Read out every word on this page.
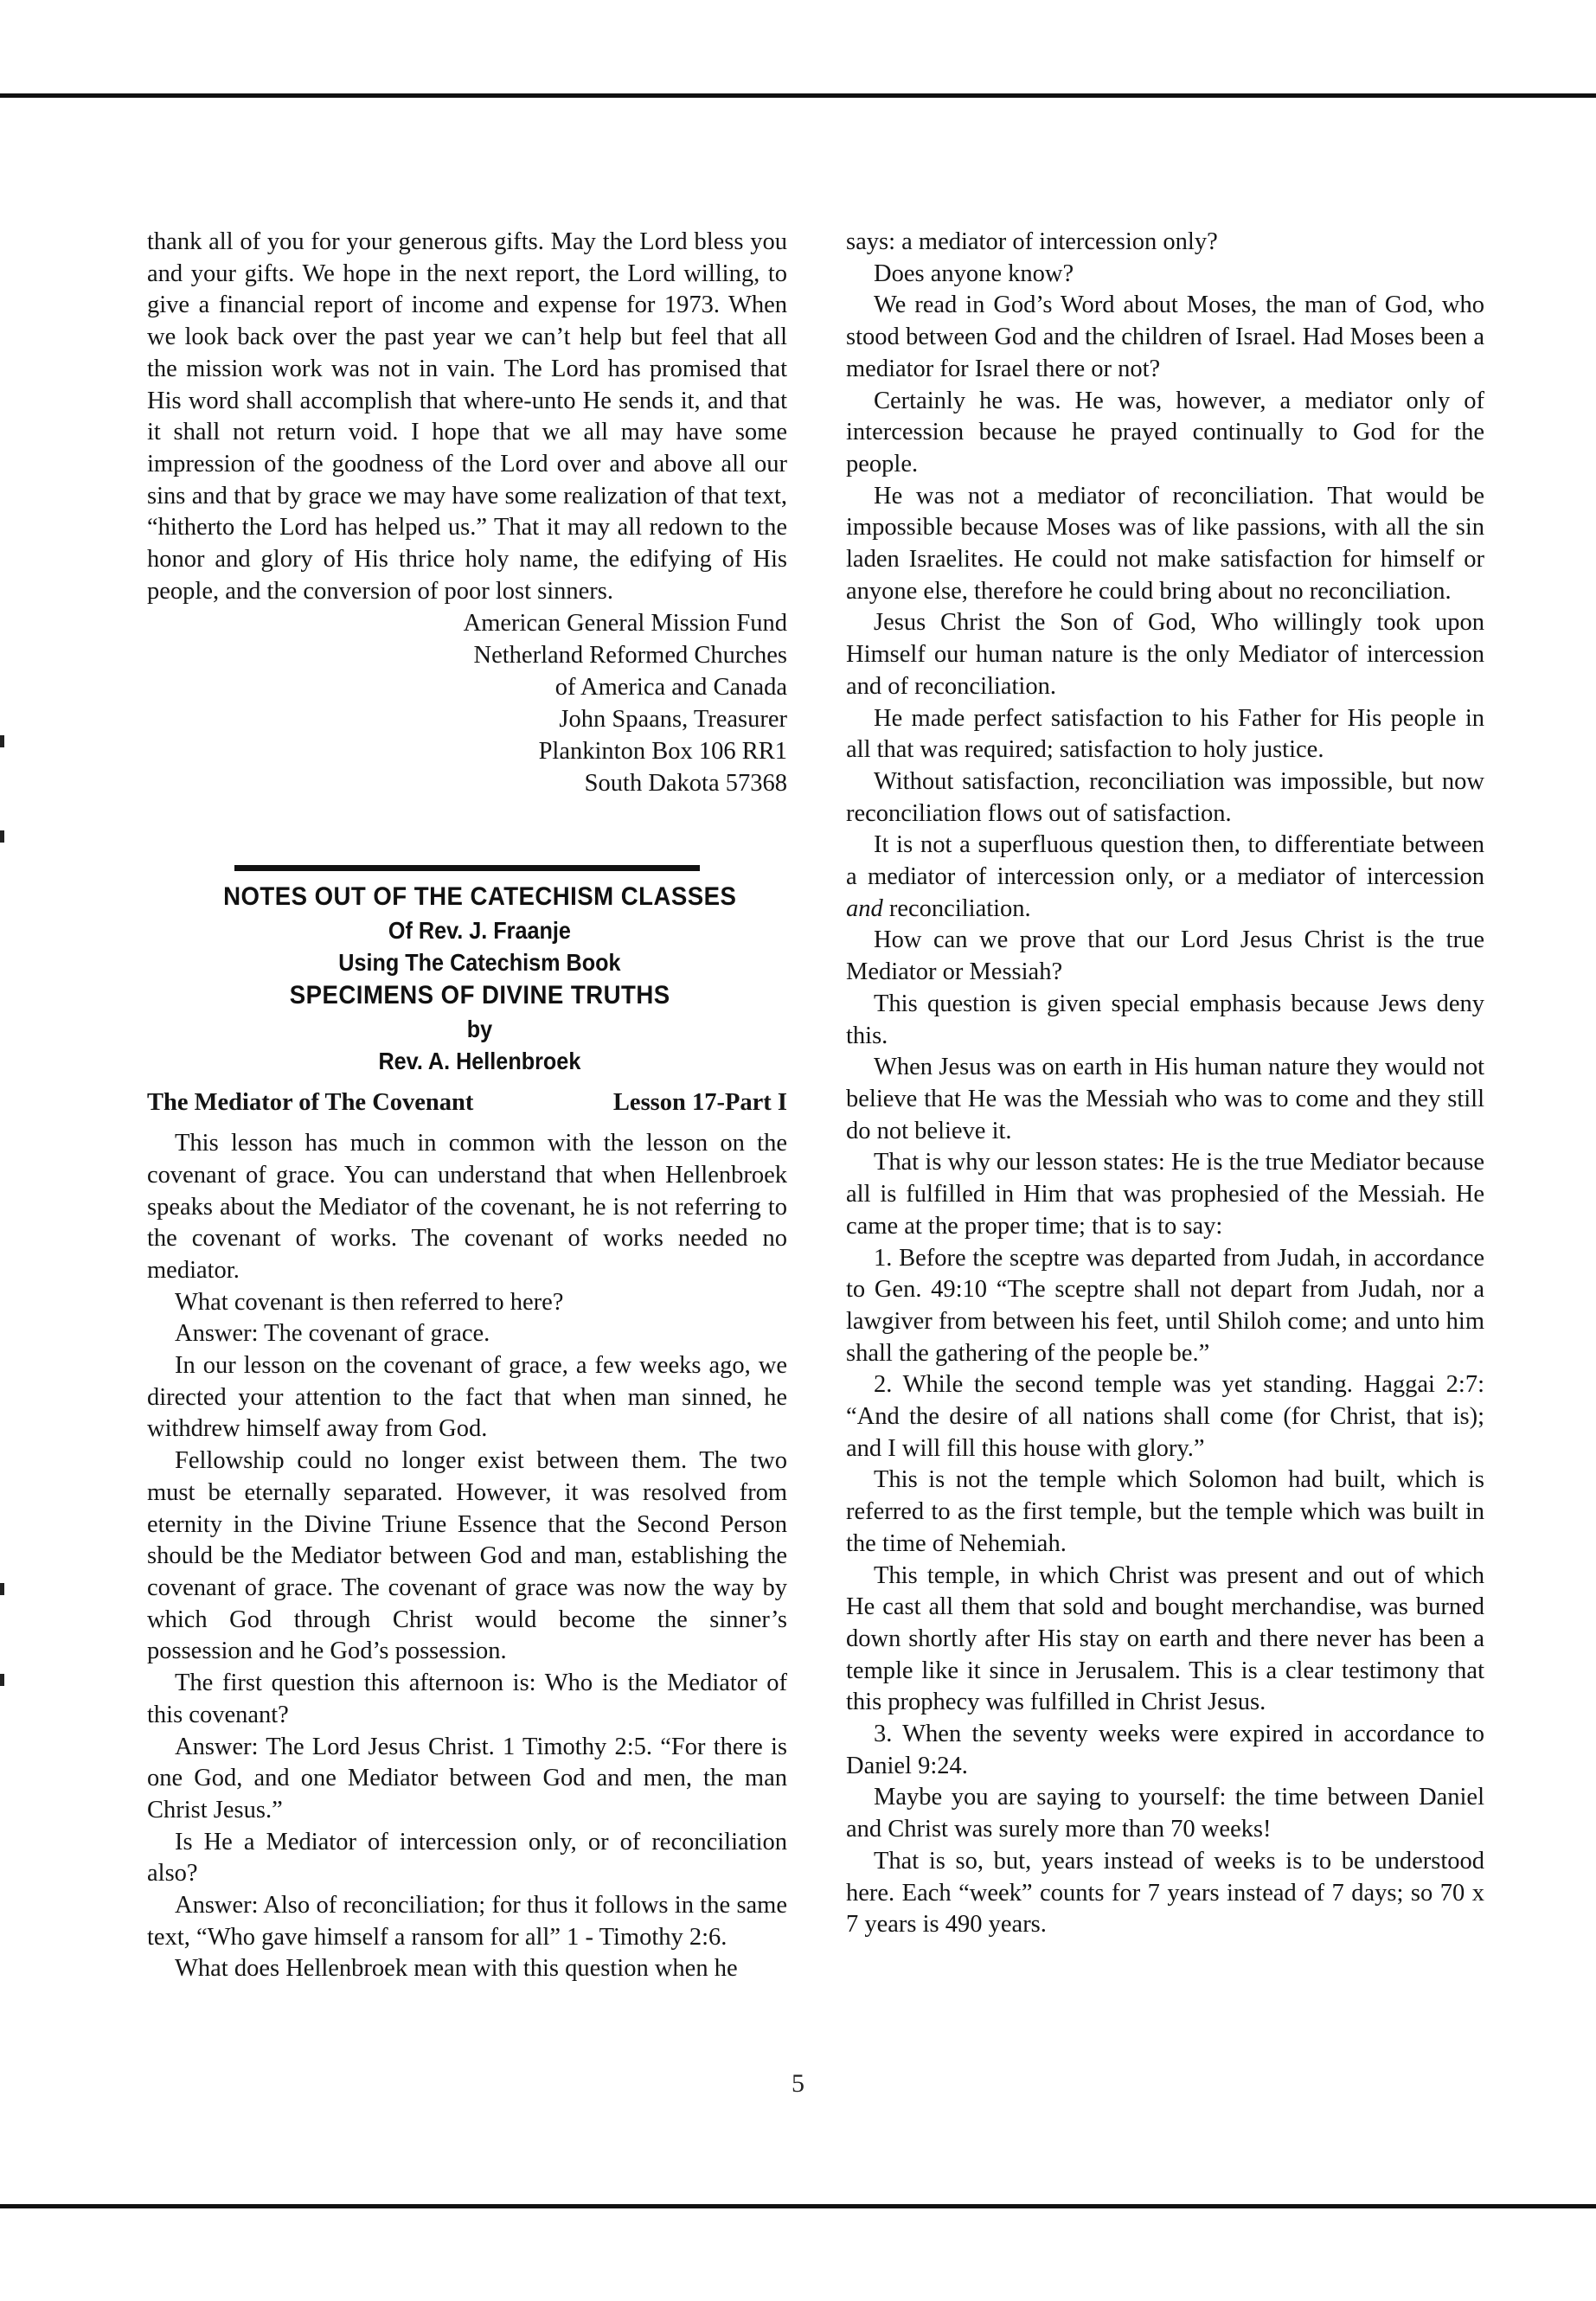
thank all of you for your generous gifts. May the Lord bless you and your gifts. We hope in the next report, the Lord willing, to give a financial report of income and expense for 1973. When we look back over the past year we can’t help but feel that all the mission work was not in vain. The Lord has promised that His word shall accomplish that where-unto He sends it, and that it shall not return void. I hope that we all may have some impression of the goodness of the Lord over and above all our sins and that by grace we may have some realization of that text, “hitherto the Lord has helped us.” That it may all redown to the honor and glory of His thrice holy name, the edifying of His people, and the conversion of poor lost sinners.

American General Mission Fund
Netherland Reformed Churches
of America and Canada
John Spaans, Treasurer
Plankinton Box 106 RR1
South Dakota 57368

NOTES OUT OF THE CATECHISM CLASSES

Of Rev. J. Fraanje

Using The Catechism Book

SPECIMENS OF DIVINE TRUTHS

by

Rev. A. Hellenbroek

The Mediator of The Covenant	Lesson 17-Part I

This lesson has much in common with the lesson on the covenant of grace. You can understand that when Hellenbroek speaks about the Mediator of the covenant, he is not referring to the covenant of works. The covenant of works needed no mediator.

What covenant is then referred to here?

Answer: The covenant of grace.

In our lesson on the covenant of grace, a few weeks ago, we directed your attention to the fact that when man sinned, he withdrew himself away from God.

Fellowship could no longer exist between them. The two must be eternally separated. However, it was resolved from eternity in the Divine Triune Essence that the Second Person should be the Mediator between God and man, establishing the covenant of grace. The covenant of grace was now the way by which God through Christ would become the sinner’s possession and he God’s possession.

The first question this afternoon is: Who is the Mediator of this covenant?

Answer: The Lord Jesus Christ. 1 Timothy 2:5. “For there is one God, and one Mediator between God and men, the man Christ Jesus.”

Is He a Mediator of intercession only, or of reconciliation also?

Answer: Also of reconciliation; for thus it follows in the same text, “Who gave himself a ransom for all” 1 - Timothy 2:6.

What does Hellenbroek mean with this question when he

says: a mediator of intercession only?

Does anyone know?

We read in God’s Word about Moses, the man of God, who stood between God and the children of Israel. Had Moses been a mediator for Israel there or not?

Certainly he was. He was, however, a mediator only of intercession because he prayed continually to God for the people.

He was not a mediator of reconciliation. That would be impossible because Moses was of like passions, with all the sin laden Israelites. He could not make satisfaction for himself or anyone else, therefore he could bring about no reconciliation.

Jesus Christ the Son of God, Who willingly took upon Himself our human nature is the only Mediator of intercession and of reconciliation.

He made perfect satisfaction to his Father for His people in all that was required; satisfaction to holy justice.

Without satisfaction, reconciliation was impossible, but now reconciliation flows out of satisfaction.

It is not a superfluous question then, to differentiate between a mediator of intercession only, or a mediator of intercession and reconciliation.

How can we prove that our Lord Jesus Christ is the true Mediator or Messiah?

This question is given special emphasis because Jews deny this.

When Jesus was on earth in His human nature they would not believe that He was the Messiah who was to come and they still do not believe it.

That is why our lesson states: He is the true Mediator because all is fulfilled in Him that was prophesied of the Messiah. He came at the proper time; that is to say:

1. Before the sceptre was departed from Judah, in accordance to Gen. 49:10 “The sceptre shall not depart from Judah, nor a lawgiver from between his feet, until Shiloh come; and unto him shall the gathering of the people be.”

2. While the second temple was yet standing. Haggai 2:7: “And the desire of all nations shall come (for Christ, that is); and I will fill this house with glory.”

This is not the temple which Solomon had built, which is referred to as the first temple, but the temple which was built in the time of Nehemiah.

This temple, in which Christ was present and out of which He cast all them that sold and bought merchandise, was burned down shortly after His stay on earth and there never has been a temple like it since in Jerusalem. This is a clear testimony that this prophecy was fulfilled in Christ Jesus.

3. When the seventy weeks were expired in accordance to Daniel 9:24.

Maybe you are saying to yourself: the time between Daniel and Christ was surely more than 70 weeks!

That is so, but, years instead of weeks is to be understood here. Each “week” counts for 7 years instead of 7 days; so 70 x 7 years is 490 years.

5
